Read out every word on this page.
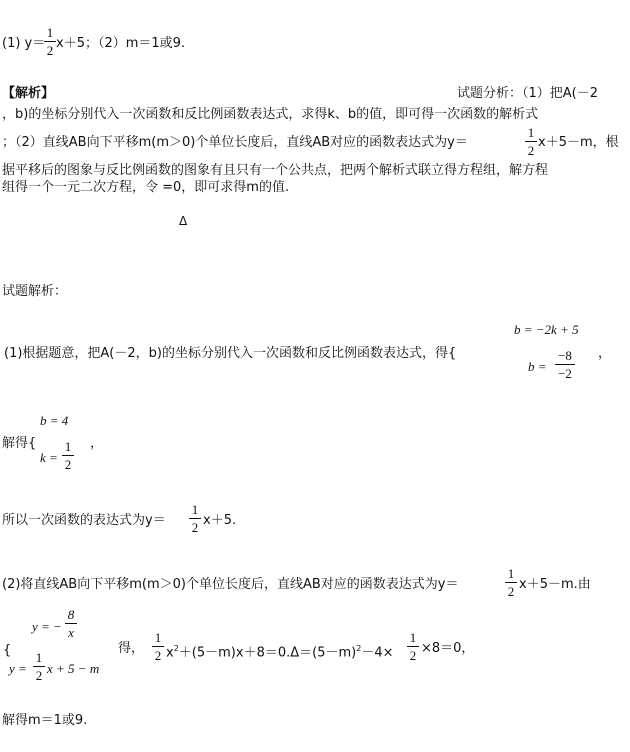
(1) y＝
1
2 x＋5；（2）m＝1或9.
【解析】	试题分析：（1）把A(－2
，b)的坐标分别代入一次函数和反比例函数表达式，求得k、b的值，即可得一次函数的解析式
；（2）直线AB向下平移m(m＞0)个单位长度后，直线AB对应的函数表达式为y＝
1
2
x＋5－m，根
据平移后的图象与反比例函数的图象有且只有一个公共点，把两个解析式联立得方程组，解方程
组得一个一元二次方程，令 =0，即可求得m的值.
Δ
试题解析：
b = −2k + 5
(1)根据题意，把A(－2，b)的坐标分别代入一次函数和反比例函数表达式，得{
b =
−8
−2
，
b = 4
解得{
k =
1
2
，
所以一次函数的表达式为y＝
1
2 x＋5.
(2)将直线AB向下平移m(m＞0)个单位长度后，直线AB对应的函数表达式为y＝
1
2 x＋5－m.由
{
y = −
8
x
y =
1
2 x + 5 − m
得，
1
2 $x^2+(5-m)x+8=0.\Delta=(5-m)^2-4\times$
1
2 ×8＝0，
解得m＝1或9.
